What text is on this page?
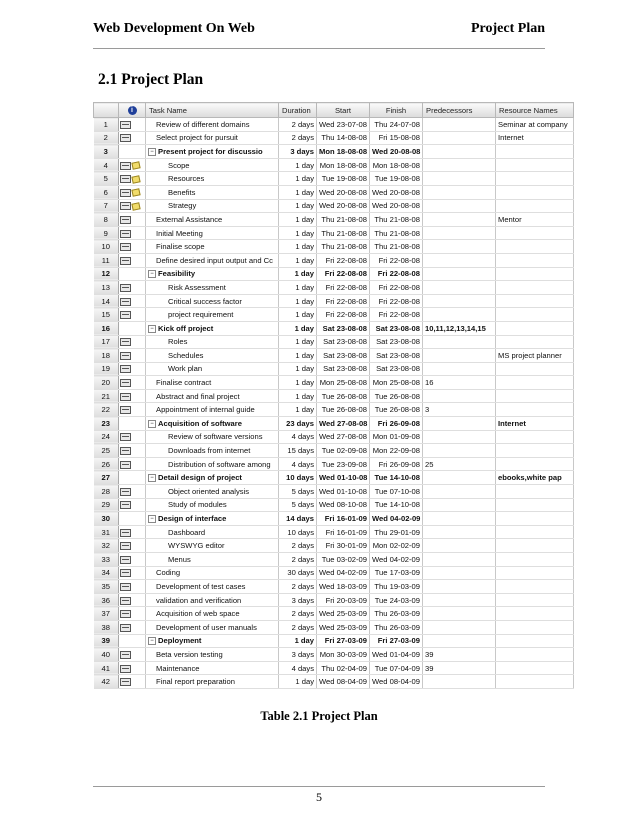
Web Development On Web	Project Plan
2.1 Project Plan
	i	Task Name	Duration	Start	Finish	Predecessors	Resource Names
1		Review of different domains	2 days	Wed 23-07-08	Thu 24-07-08		Seminar at company
2		Select project for pursuit	2 days	Thu 14-08-08	Fri 15-08-08		Internet
3		− Present project for discussio	3 days	Mon 18-08-08	Wed 20-08-08		
4		Scope	1 day	Mon 18-08-08	Mon 18-08-08		
5		Resources	1 day	Tue 19-08-08	Tue 19-08-08		
6		Benefits	1 day	Wed 20-08-08	Wed 20-08-08		
7		Strategy	1 day	Wed 20-08-08	Wed 20-08-08		
8		External Assistance	1 day	Thu 21-08-08	Thu 21-08-08		Mentor
9		Initial Meeting	1 day	Thu 21-08-08	Thu 21-08-08		
10		Finalise scope	1 day	Thu 21-08-08	Thu 21-08-08		
11		Define desired input output and Cc	1 day	Fri 22-08-08	Fri 22-08-08		
12		− Feasibility	1 day	Fri 22-08-08	Fri 22-08-08		
13		Risk Assessment	1 day	Fri 22-08-08	Fri 22-08-08		
14		Critical success factor	1 day	Fri 22-08-08	Fri 22-08-08		
15		project requirement	1 day	Fri 22-08-08	Fri 22-08-08		
16		− Kick off project	1 day	Sat 23-08-08	Sat 23-08-08	10,11,12,13,14,15	
17		Roles	1 day	Sat 23-08-08	Sat 23-08-08		
18		Schedules	1 day	Sat 23-08-08	Sat 23-08-08		MS project planner
19		Work plan	1 day	Sat 23-08-08	Sat 23-08-08		
20		Finalise contract	1 day	Mon 25-08-08	Mon 25-08-08	16	
21		Abstract and final project	1 day	Tue 26-08-08	Tue 26-08-08		
22		Appointment of internal guide	1 day	Tue 26-08-08	Tue 26-08-08	3	
23		− Acquisition of software	23 days	Wed 27-08-08	Fri 26-09-08		Internet
24		Review of software versions	4 days	Wed 27-08-08	Mon 01-09-08		
25		Downloads from internet	15 days	Tue 02-09-08	Mon 22-09-08		
26		Distribution of software among	4 days	Tue 23-09-08	Fri 26-09-08	25	
27		− Detail design of project	10 days	Wed 01-10-08	Tue 14-10-08		ebooks,white pap
28		Object oriented analysis	5 days	Wed 01-10-08	Tue 07-10-08		
29		Study of modules	5 days	Wed 08-10-08	Tue 14-10-08		
30		− Design of interface	14 days	Fri 16-01-09	Wed 04-02-09		
31		Dashboard	10 days	Fri 16-01-09	Thu 29-01-09		
32		WYSWYG editor	2 days	Fri 30-01-09	Mon 02-02-09		
33		Menus	2 days	Tue 03-02-09	Wed 04-02-09		
34		Coding	30 days	Wed 04-02-09	Tue 17-03-09		
35		Development of test cases	2 days	Wed 18-03-09	Thu 19-03-09		
36		validation and verification	3 days	Fri 20-03-09	Tue 24-03-09		
37		Acquisition of web space	2 days	Wed 25-03-09	Thu 26-03-09		
38		Development of user manuals	2 days	Wed 25-03-09	Thu 26-03-09		
39		− Deployment	1 day	Fri 27-03-09	Fri 27-03-09		
40		Beta version testing	3 days	Mon 30-03-09	Wed 01-04-09	39	
41		Maintenance	4 days	Thu 02-04-09	Tue 07-04-09	39	
42		Final report preparation	1 day	Wed 08-04-09	Wed 08-04-09		
Table 2.1 Project Plan
5
